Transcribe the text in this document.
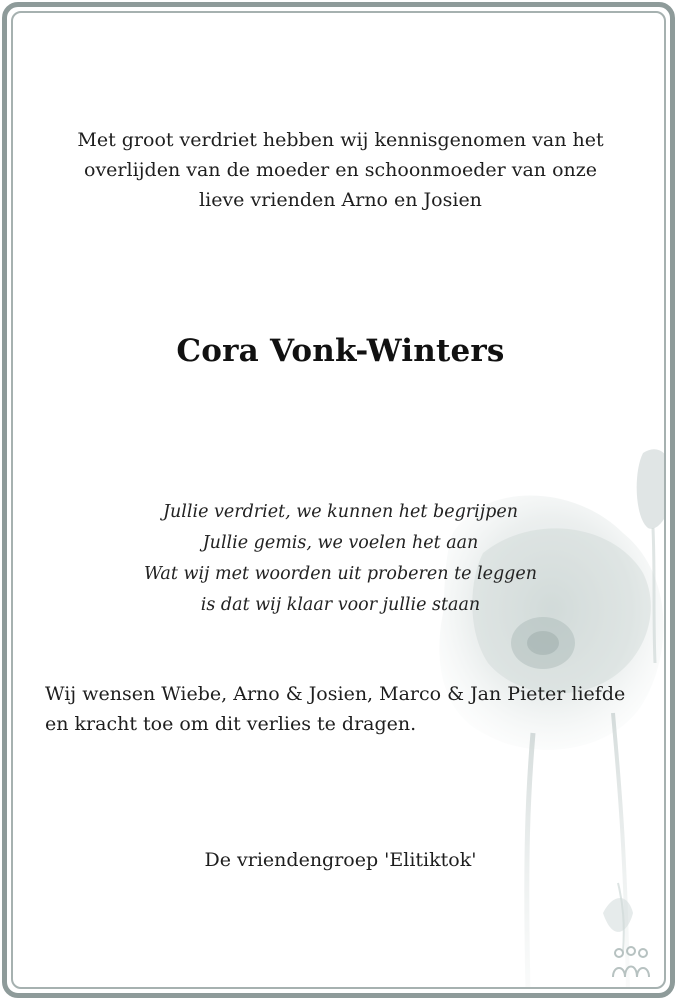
Met groot verdriet hebben wij kennisgenomen van het
overlijden van de moeder en schoonmoeder van onze
lieve vrienden Arno en Josien
Cora Vonk-Winters
Jullie verdriet, we kunnen het begrijpen
Jullie gemis, we voelen het aan
Wat wij met woorden uit proberen te leggen
is dat wij klaar voor jullie staan
Wij wensen Wiebe, Arno & Josien, Marco & Jan Pieter liefde
en kracht toe om dit verlies te dragen.
De vriendengroep 'Elitiktok'
